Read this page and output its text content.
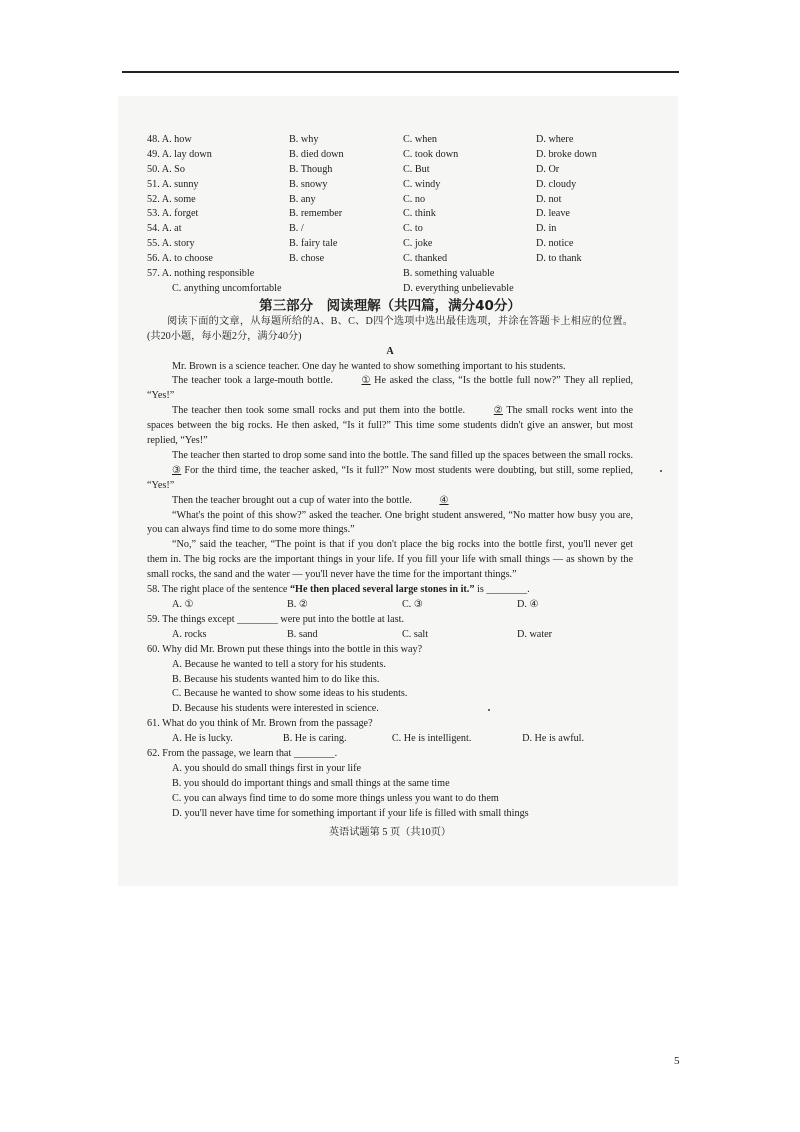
48. A. how	B. why	C. when	D. where
49. A. lay down	B. died down	C. took down	D. broke down
50. A. So	B. Though	C. But	D. Or
51. A. sunny	B. snowy	C. windy	D. cloudy
52. A. some	B. any	C. no	D. not
53. A. forget	B. remember	C. think	D. leave
54. A. at	B. /	C. to	D. in
55. A. story	B. fairy tale	C. joke	D. notice
56. A. to choose	B. chose	C. thanked	D. to thank
57. A. nothing responsible	B. something valuable
C. anything uncomfortable	D. everything unbelievable
第三部分　阅读理解（共四篇，满分40分）
阅读下面的文章，从每题所给的A、B、C、D四个选项中选出最佳选项，并涂在答题卡上相应的位置。(共20小题，每小题2分，满分40分)
A
Mr. Brown is a science teacher. One day he wanted to show something important to his students.
The teacher took a large-mouth bottle.	① He asked the class, “Is the bottle full now?” They all replied, “Yes!”
The teacher then took some small rocks and put them into the bottle.	② The small rocks went into the spaces between the big rocks. He then asked, “Is it full?” This time some students didn't give an answer, but most replied, “Yes!”
The teacher then started to drop some sand into the bottle. The sand filled up the spaces between the small rocks. ③ For the third time, the teacher asked, “Is it full?” Now most students were doubting, but still, some replied, “Yes!”
Then the teacher brought out a cup of water into the bottle.	④
“What's the point of this show?” asked the teacher. One bright student answered, “No matter how busy you are, you can always find time to do some more things.”
“No,” said the teacher, “The point is that if you don't place the big rocks into the bottle first, you'll never get them in. The big rocks are the important things in your life. If you fill your life with small things — as shown by the small rocks, the sand and the water — you'll never have the time for the important things.”
58. The right place of the sentence “He then placed several large stones in it.” is ________.
A. ①	B. ②	C. ③	D. ④
59. The things except ________ were put into the bottle at last.
A. rocks	B. sand	C. salt	D. water
60. Why did Mr. Brown put these things into the bottle in this way?
A. Because he wanted to tell a story for his students.
B. Because his students wanted him to do like this.
C. Because he wanted to show some ideas to his students.
D. Because his students were interested in science.
61. What do you think of Mr. Brown from the passage?
A. He is lucky.	B. He is caring.	C. He is intelligent.	D. He is awful.
62. From the passage, we learn that ________.
A. you should do small things first in your life
B. you should do important things and small things at the same time
C. you can always find time to do some more things unless you want to do them
D. you'll never have time for something important if your life is filled with small things
英语试题第 5 页（共10页）
5
